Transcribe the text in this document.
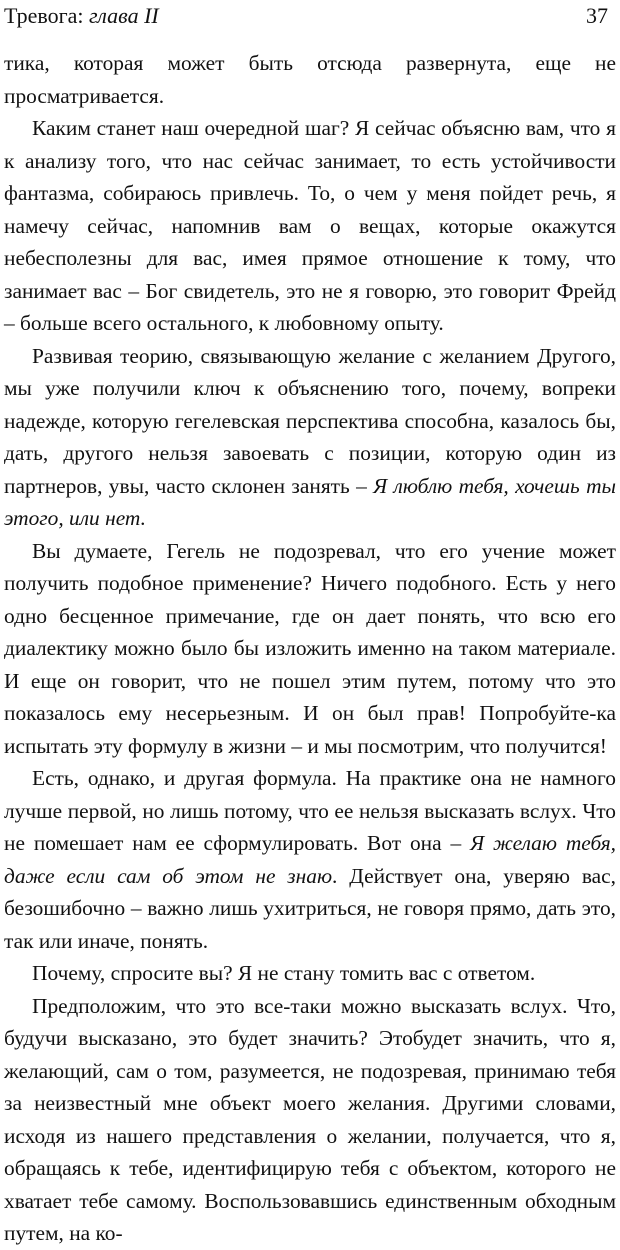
Тревога: глава II	37

тика, которая может быть отсюда развернута, еще не просматривается.

Каким станет наш очередной шаг? Я сейчас объясню вам, что я к анализу того, что нас сейчас занимает, то есть устойчивости фантазма, собираюсь привлечь. То, о чем у меня пойдет речь, я намечу сейчас, напомнив вам о вещах, которые окажутся небесполезны для вас, имея прямое отношение к тому, что занимает вас – Бог свидетель, это не я говорю, это говорит Фрейд – больше всего остального, к любовному опыту.

Развивая теорию, связывающую желание с желанием Другого, мы уже получили ключ к объяснению того, почему, вопреки надежде, которую гегелевская перспектива способна, казалось бы, дать, другого нельзя завоевать с позиции, которую один из партнеров, увы, часто склонен занять – Я люблю тебя, хочешь ты этого, или нет.

Вы думаете, Гегель не подозревал, что его учение может получить подобное применение? Ничего подобного. Есть у него одно бесценное примечание, где он дает понять, что всю его диалектику можно было бы изложить именно на таком материале. И еще он говорит, что не пошел этим путем, потому что это показалось ему несерьезным. И он был прав! Попробуйте-ка испытать эту формулу в жизни – и мы посмотрим, что получится!

Есть, однако, и другая формула. На практике она не намного лучше первой, но лишь потому, что ее нельзя высказать вслух. Что не помешает нам ее сформулировать. Вот она – Я желаю тебя, даже если сам об этом не знаю. Действует она, уверяю вас, безошибочно – важно лишь ухитриться, не говоря прямо, дать это, так или иначе, понять.

Почему, спросите вы? Я не стану томить вас с ответом.

Предположим, что это все-таки можно высказать вслух. Что, будучи высказано, это будет значить? Этобудет значить, что я, желающий, сам о том, разумеется, не подозревая, принимаю тебя за неизвестный мне объект моего желания. Другими словами, исходя из нашего представления о желании, получается, что я, обращаясь к тебе, идентифицирую тебя с объектом, которого не хватает тебе самому. Воспользовавшись единственным обходным путем, на ко-
